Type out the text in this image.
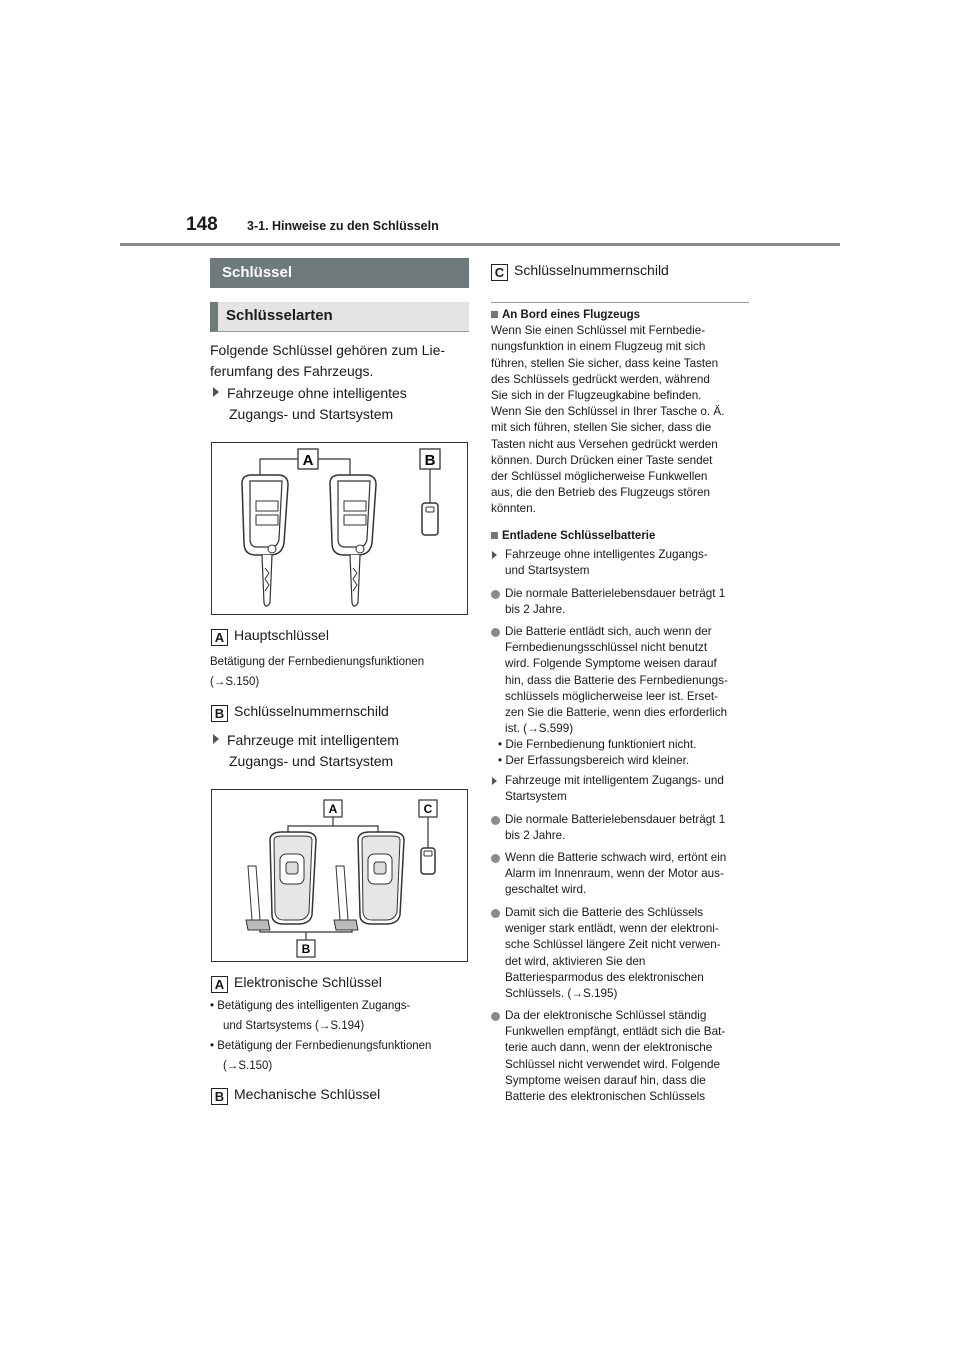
148 3-1. Hinweise zu den Schlüsseln
Schlüssel
Schlüsselarten
Folgende Schlüssel gehören zum Lie-
ferumfang des Fahrzeugs.
Fahrzeuge ohne intelligentes
Zugangs- und Startsystem
A	B
A Hauptschlüssel
Betätigung der Fernbedienungsfunktionen
(→S.150)
B Schlüsselnummernschild
Fahrzeuge mit intelligentem
Zugangs- und Startsystem
A	C
B
A Elektronische Schlüssel
• Betätigung des intelligenten Zugangs-
und Startsystems (→S.194)
• Betätigung der Fernbedienungsfunktionen
(→S.150)
B Mechanische Schlüssel
C Schlüsselnummernschild
An Bord eines Flugzeugs
Wenn Sie einen Schlüssel mit Fernbedie-
nungsfunktion in einem Flugzeug mit sich
führen, stellen Sie sicher, dass keine Tasten
des Schlüssels gedrückt werden, während
Sie sich in der Flugzeugkabine befinden.
Wenn Sie den Schlüssel in Ihrer Tasche o. Ä.
mit sich führen, stellen Sie sicher, dass die
Tasten nicht aus Versehen gedrückt werden
können. Durch Drücken einer Taste sendet
der Schlüssel möglicherweise Funkwellen
aus, die den Betrieb des Flugzeugs stören
könnten.
Entladene Schlüsselbatterie
Fahrzeuge ohne intelligentes Zugangs-
und Startsystem
Die normale Batterielebensdauer beträgt 1
bis 2 Jahre.
Die Batterie entlädt sich, auch wenn der
Fernbedienungsschlüssel nicht benutzt
wird. Folgende Symptome weisen darauf
hin, dass die Batterie des Fernbedienungs-
schlüssels möglicherweise leer ist. Erset-
zen Sie die Batterie, wenn dies erforderlich
ist. (→S.599)
• Die Fernbedienung funktioniert nicht.
• Der Erfassungsbereich wird kleiner.
Fahrzeuge mit intelligentem Zugangs- und
Startsystem
Die normale Batterielebensdauer beträgt 1
bis 2 Jahre.
Wenn die Batterie schwach wird, ertönt ein
Alarm im Innenraum, wenn der Motor aus-
geschaltet wird.
Damit sich die Batterie des Schlüssels
weniger stark entlädt, wenn der elektroni-
sche Schlüssel längere Zeit nicht verwen-
det wird, aktivieren Sie den
Batteriesparmodus des elektronischen
Schlüssels. (→S.195)
Da der elektronische Schlüssel ständig
Funkwellen empfängt, entlädt sich die Bat-
terie auch dann, wenn der elektronische
Schlüssel nicht verwendet wird. Folgende
Symptome weisen darauf hin, dass die
Batterie des elektronischen Schlüssels
